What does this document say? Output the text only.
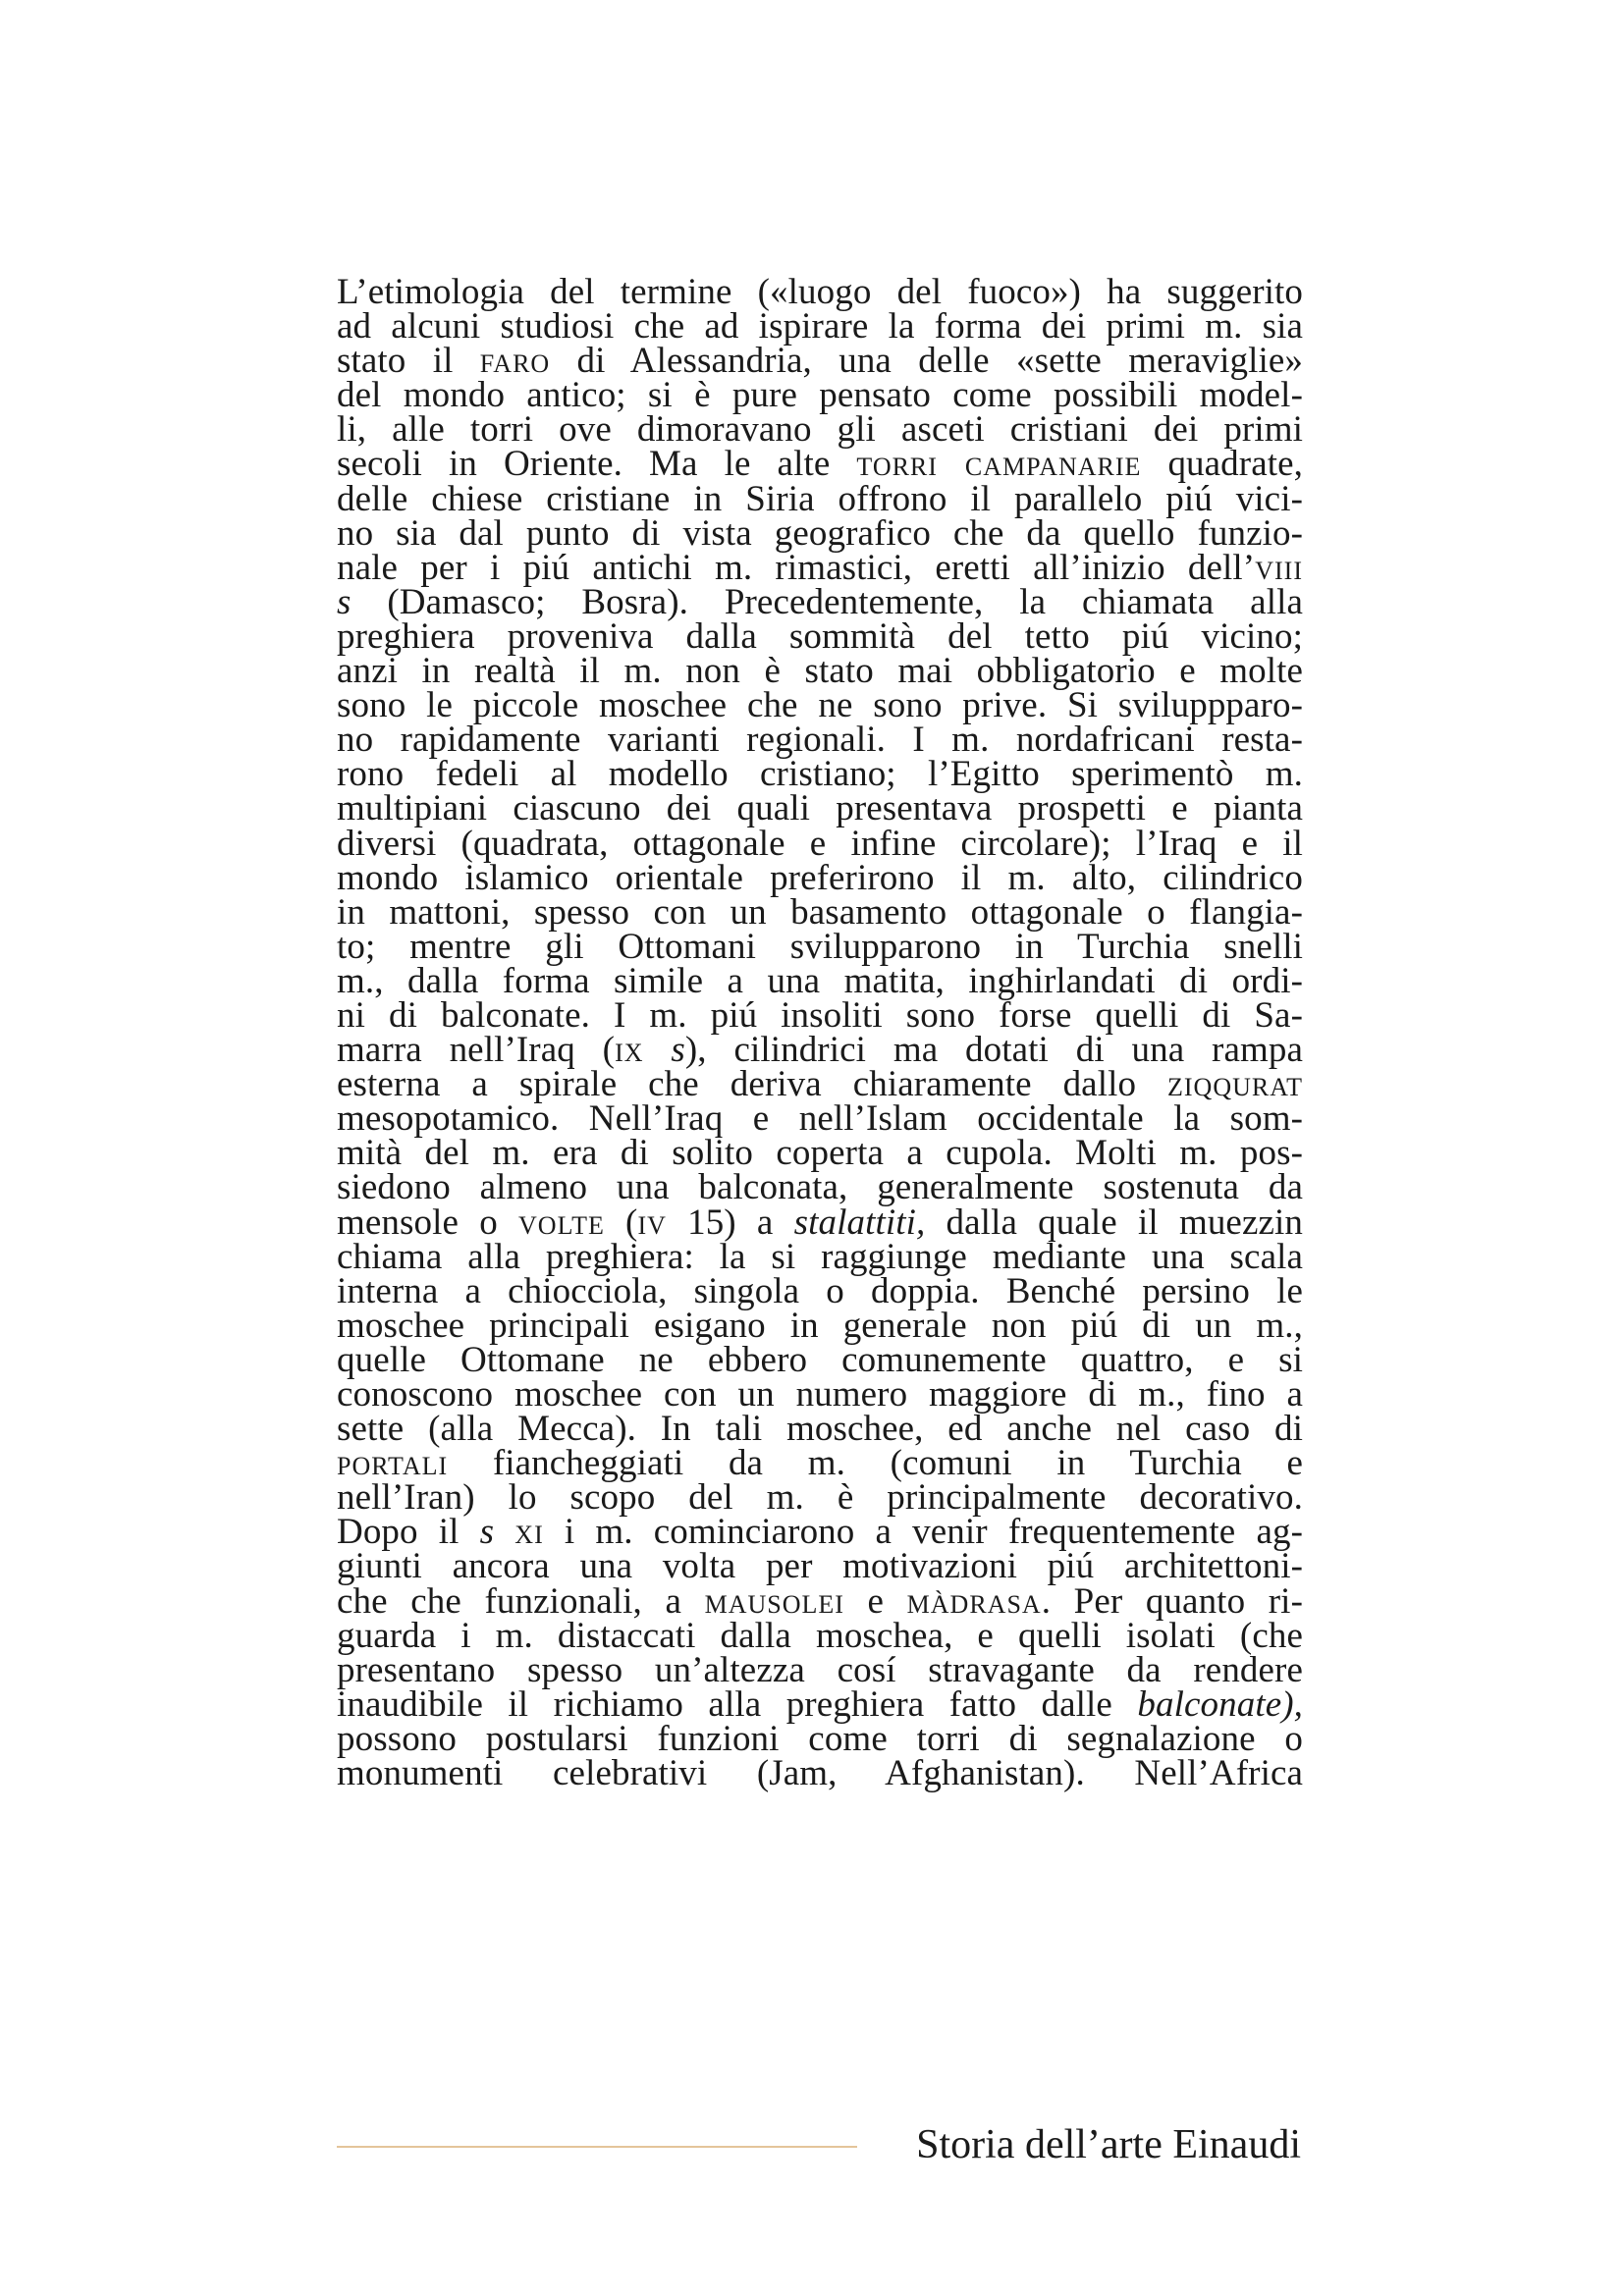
L’etimologia del termine («luogo del fuoco») ha suggerito
ad alcuni studiosi che ad ispirare la forma dei primi m. sia
stato il faro di Alessandria, una delle «sette meraviglie»
del mondo antico; si è pure pensato come possibili model-
li, alle torri ove dimoravano gli asceti cristiani dei primi
secoli in Oriente. Ma le alte torri campanarie quadrate,
delle chiese cristiane in Siria offrono il parallelo piú vici-
no sia dal punto di vista geografico che da quello funzio-
nale per i piú antichi m. rimastici, eretti all’inizio dell’viii
s (Damasco; Bosra). Precedentemente, la chiamata alla
preghiera proveniva dalla sommità del tetto piú vicino;
anzi in realtà il m. non è stato mai obbligatorio e molte
sono le piccole moschee che ne sono prive. Si sviluppparo-
no rapidamente varianti regionali. I m. nordafricani resta-
rono fedeli al modello cristiano; l’Egitto sperimentò m.
multipiani ciascuno dei quali presentava prospetti e pianta
diversi (quadrata, ottagonale e infine circolare); l’Iraq e il
mondo islamico orientale preferirono il m. alto, cilindrico
in mattoni, spesso con un basamento ottagonale o flangia-
to; mentre gli Ottomani svilupparono in Turchia snelli
m., dalla forma simile a una matita, inghirlandati di ordi-
ni di balconate. I m. piú insoliti sono forse quelli di Sa-
marra nell’Iraq (ix s), cilindrici ma dotati di una rampa
esterna a spirale che deriva chiaramente dallo ziqqurat
mesopotamico. Nell’Iraq e nell’Islam occidentale la som-
mità del m. era di solito coperta a cupola. Molti m. pos-
siedono almeno una balconata, generalmente sostenuta da
mensole o volte (iv 15) a stalattiti, dalla quale il muezzin
chiama alla preghiera: la si raggiunge mediante una scala
interna a chiocciola, singola o doppia. Benché persino le
moschee principali esigano in generale non piú di un m.,
quelle Ottomane ne ebbero comunemente quattro, e si
conoscono moschee con un numero maggiore di m., fino a
sette (alla Mecca). In tali moschee, ed anche nel caso di
portali fiancheggiati da m. (comuni in Turchia e
nell’Iran) lo scopo del m. è principalmente decorativo.
Dopo il s xi i m. cominciarono a venir frequentemente ag-
giunti ancora una volta per motivazioni piú architettoni-
che che funzionali, a mausolei e màdrasa. Per quanto ri-
guarda i m. distaccati dalla moschea, e quelli isolati (che
presentano spesso un’altezza cosí stravagante da rendere
inaudibile il richiamo alla preghiera fatto dalle balconate),
possono postularsi funzioni come torri di segnalazione o
monumenti celebrativi (Jam, Afghanistan). Nell’Africa
Storia dell’arte Einaudi
